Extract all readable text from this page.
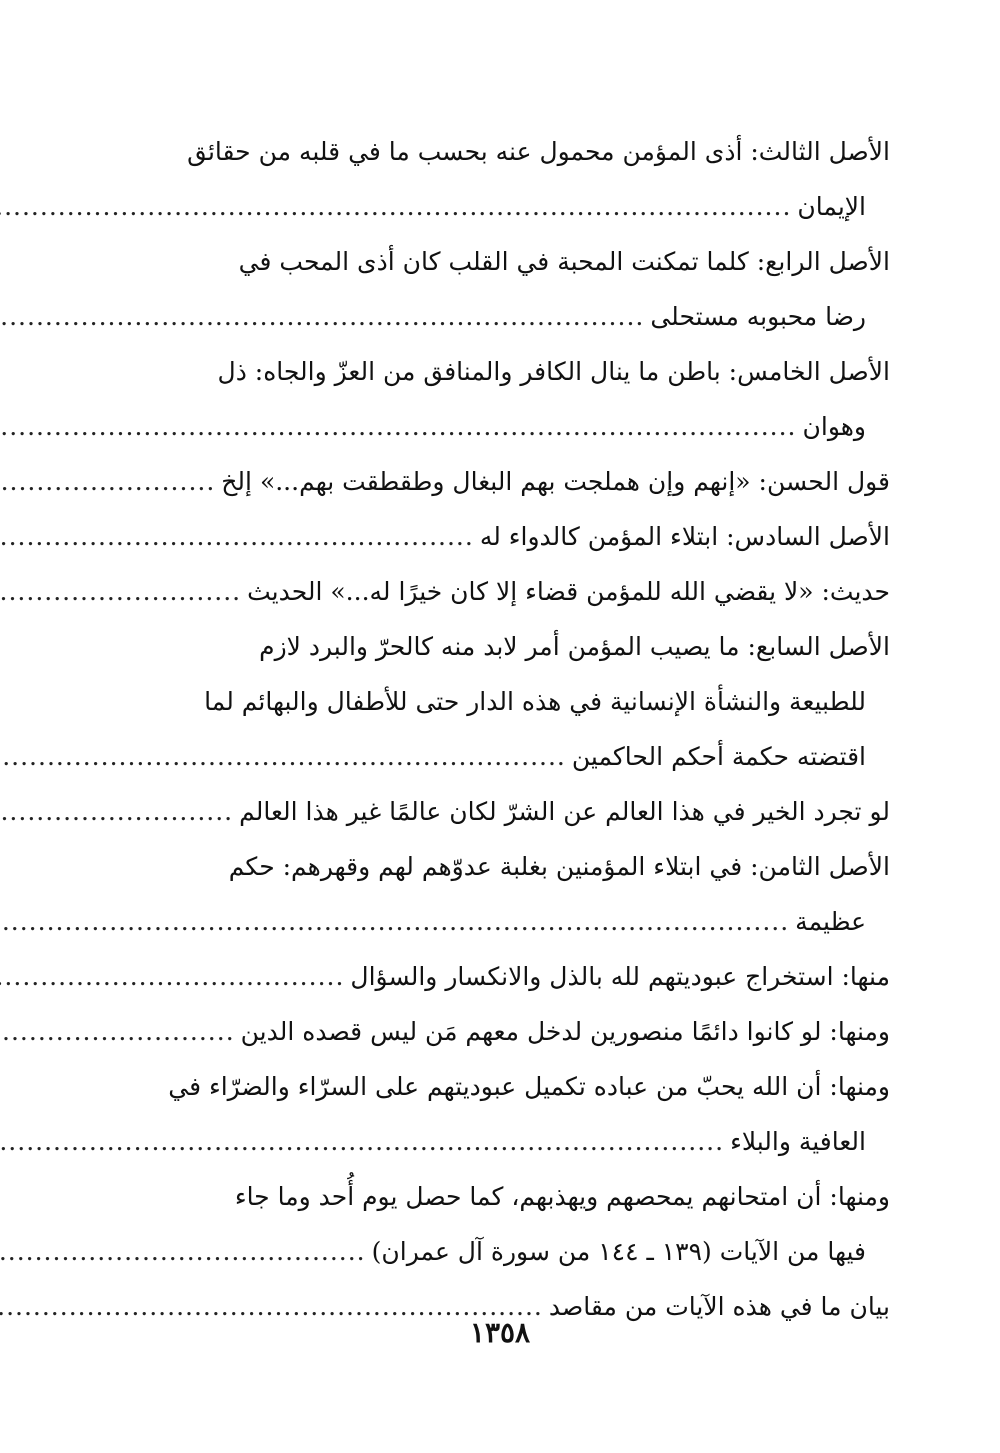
الأصل الثالث: أذى المؤمن محمول عنه بحسب ما في قلبه من حقائق
الإيمان
.....
الأصل الرابع: كلما تمكنت المحبة في القلب كان أذى المحب في
رضا محبوبه مستحلى
.....
الأصل الخامس: باطن ما ينال الكافر والمنافق من العزّ والجاه: ذل
وهوان
.....
قول الحسن: «إنهم وإن هملجت بهم البغال وطقطقت بهم...» إلخ
.....
الأصل السادس: ابتلاء المؤمن كالدواء له
.....
حديث: «لا يقضي الله للمؤمن قضاء إلا كان خيرًا له...» الحديث
.....
الأصل السابع: ما يصيب المؤمن أمر لابد منه كالحرّ والبرد لازم
للطبيعة والنشأة الإنسانية في هذه الدار حتى للأطفال والبهائم لما
اقتضته حكمة أحكم الحاكمين
.....
لو تجرد الخير في هذا العالم عن الشرّ لكان عالمًا غير هذا العالم
.....
الأصل الثامن: في ابتلاء المؤمنين بغلبة عدوّهم لهم وقهرهم: حكم
عظيمة
.....
منها: استخراج عبوديتهم لله بالذل والانكسار والسؤال
.....
ومنها: لو كانوا دائمًا منصورين لدخل معهم مَن ليس قصده الدين
.....
ومنها: أن الله يحبّ من عباده تكميل عبوديتهم على السرّاء والضرّاء في
العافية والبلاء
.....
ومنها: أن امتحانهم يمحصهم ويهذبهم، كما حصل يوم أُحد وما جاء
فيها من الآيات (١٣٩ ـ ١٤٤ من سورة آل عمران)
.....
بيان ما في هذه الآيات من مقاصد
.....
١٣٥٨
